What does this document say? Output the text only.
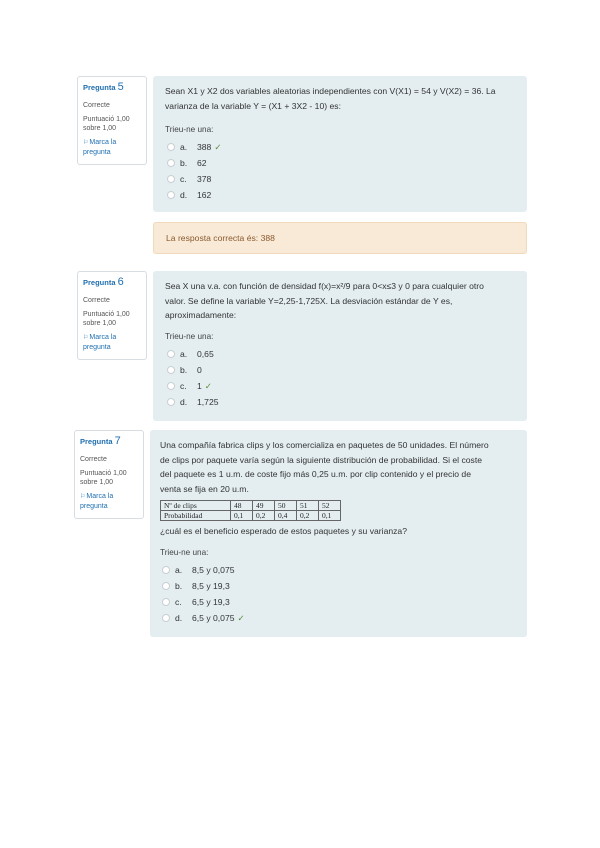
Pregunta 5
Correcte
Puntuació 1,00 sobre 1,00
⚐Marca la pregunta
Sean X1 y X2 dos variables aleatorias independientes con V(X1) = 54 y V(X2) = 36. La
varianza de la variable Y = (X1 + 3X2 - 10) es:
Trieu-ne una:
a.	388 ✓
b.	62
c.	378
d.	162
La resposta correcta és: 388
Pregunta 6
Correcte
Puntuació 1,00 sobre 1,00
⚐Marca la pregunta
Sea X una v.a. con función de densidad f(x)=x²/9 para 0<x≤3 y 0 para cualquier otro
valor. Se define la variable Y=2,25-1,725X. La desviación estándar de Y es,
aproximadamente:
Trieu-ne una:
a.	0,65
b.	0
c.	1 ✓
d.	1,725
Pregunta 7
Correcte
Puntuació 1,00 sobre 1,00
⚐Marca la pregunta
Una compañía fabrica clips y los comercializa en paquetes de 50 unidades. El número
de clips por paquete varía según la siguiente distribución de probabilidad. Si el coste
del paquete es 1 u.m. de coste fijo más 0,25 u.m. por clip contenido y el precio de
venta se fija en 20 u.m.
Nº de clips	48	49	50	51	52
Probabilidad	0,1	0,2	0,4	0,2	0,1
¿cuál es el beneficio esperado de estos paquetes y su varianza?
Trieu-ne una:
a.	8,5 y 0,075
b.	8,5 y 19,3
c.	6,5 y 19,3
d.	6,5 y 0,075 ✓
